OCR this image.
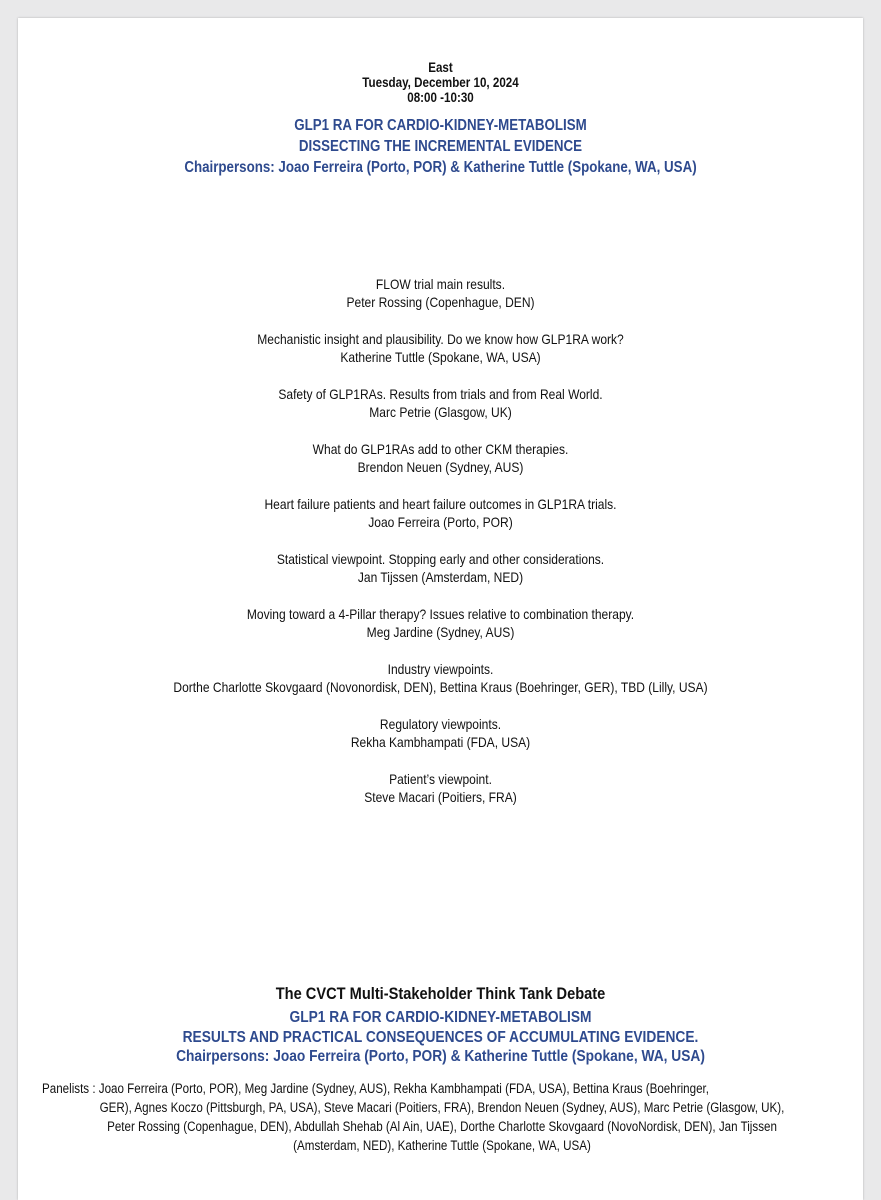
East
Tuesday, December 10, 2024
08:00 -10:30
GLP1 RA FOR CARDIO-KIDNEY-METABOLISM
DISSECTING THE INCREMENTAL EVIDENCE
Chairpersons: Joao Ferreira (Porto, POR) & Katherine Tuttle (Spokane, WA, USA)
FLOW trial main results.
Peter Rossing (Copenhague, DEN)
Mechanistic insight and plausibility. Do we know how GLP1RA work?
Katherine Tuttle (Spokane, WA, USA)
Safety of GLP1RAs. Results from trials and from Real World.
Marc Petrie (Glasgow, UK)
What do GLP1RAs add to other CKM therapies.
Brendon Neuen (Sydney, AUS)
Heart failure patients and heart failure outcomes in GLP1RA trials.
Joao Ferreira (Porto, POR)
Statistical viewpoint. Stopping early and other considerations.
Jan Tijssen (Amsterdam, NED)
Moving toward a 4-Pillar therapy? Issues relative to combination therapy.
Meg Jardine (Sydney, AUS)
Industry viewpoints.
Dorthe Charlotte Skovgaard (Novonordisk, DEN), Bettina Kraus (Boehringer, GER), TBD (Lilly, USA)
Regulatory viewpoints.
Rekha Kambhampati (FDA, USA)
Patient’s viewpoint.
Steve Macari (Poitiers, FRA)
The CVCT Multi-Stakeholder Think Tank Debate
GLP1 RA FOR CARDIO-KIDNEY-METABOLISM
RESULTS AND PRACTICAL CONSEQUENCES OF ACCUMULATING EVIDENCE.
Chairpersons: Joao Ferreira (Porto, POR) & Katherine Tuttle (Spokane, WA, USA)
Panelists : Joao Ferreira (Porto, POR), Meg Jardine (Sydney, AUS), Rekha Kambhampati (FDA, USA), Bettina Kraus (Boehringer,
GER), Agnes Koczo (Pittsburgh, PA, USA), Steve Macari (Poitiers, FRA), Brendon Neuen (Sydney, AUS), Marc Petrie (Glasgow, UK),
Peter Rossing (Copenhague, DEN), Abdullah Shehab (Al Ain, UAE), Dorthe Charlotte Skovgaard (NovoNordisk, DEN), Jan Tijssen
(Amsterdam, NED), Katherine Tuttle (Spokane, WA, USA)
